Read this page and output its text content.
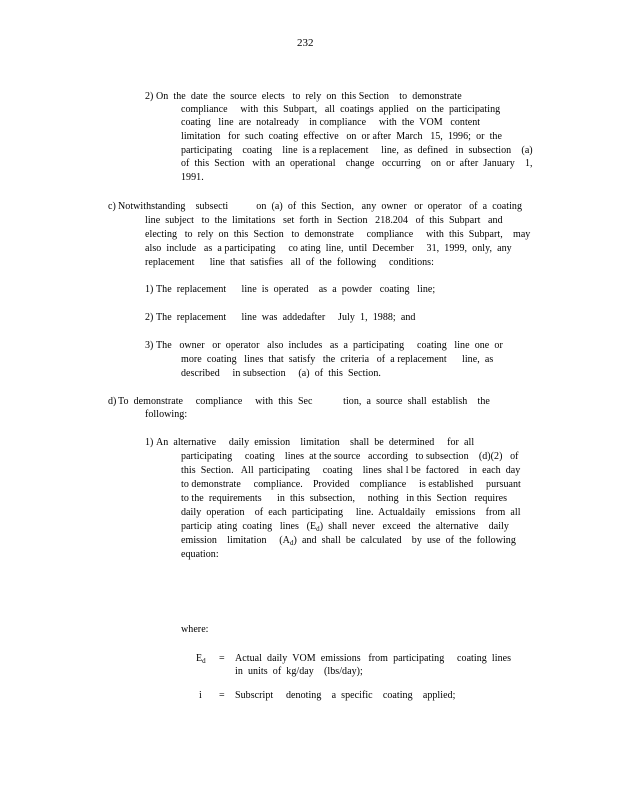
232
2) On  the  date  the  source  elects   to  rely  on  this Section    to  demonstrate
compliance     with  this  Subpart,   all  coatings  applied   on  the  participating
coating   line  are  notalready    in compliance     with  the  VOM   content
limitation   for  such  coating  effective   on  or after  March   15,  1996;  or  the
participating    coating    line  is a replacement     line,  as  defined   in  subsection    (a)
of  this  Section   with  an  operational    change   occurring    on  or  after  January    1,
1991.
c) Notwithstanding    subsecti           on  (a)  of  this  Section,   any  owner   or  operator   of  a  coating
line  subject   to  the  limitations   set  forth  in  Section   218.204   of  this  Subpart   and
electing   to  rely  on  this  Section   to  demonstrate     compliance     with  this  Subpart,    may
also  include   as  a participating     co ating  line,  until  December     31,  1999,  only,  any
replacement      line  that  satisfies   all  of  the  following     conditions:
1) The  replacement      line  is  operated    as  a  powder   coating   line;
2) The  replacement      line  was  addedafter     July  1,  1988;  and
3) The   owner   or  operator   also  includes   as  a  participating     coating   line  one  or
more  coating   lines  that  satisfy   the  criteria   of  a replacement      line,  as
described     in subsection     (a)  of  this  Section.
d) To  demonstrate     compliance     with  this  Sec            tion,  a  source  shall  establish    the
following:
1) An  alternative     daily  emission    limitation    shall  be  determined     for  all
participating     coating    lines  at the source   according   to subsection    (d)(2)   of
this  Section.   All  participating     coating    lines  shal l be  factored    in  each  day
to demonstrate     compliance.    Provided    compliance     is established     pursuant
to the  requirements      in  this  subsection,     nothing   in this  Section   requires
daily  operation    of  each  participating     line.  Actualdaily    emissions    from  all
particip  ating  coating   lines   $(E_d)$  shall  never   exceed   the  alternative    daily
emission    limitation     $(A_d)$  and  shall  be  calculated    by  use  of  the  following
equation:
where:
$E_d$ = Actual  daily  VOM  emissions   from  participating     coating  lines
in  units  of  kg/day    (lbs/day);
i = Subscript     denoting    a  specific    coating    applied;
